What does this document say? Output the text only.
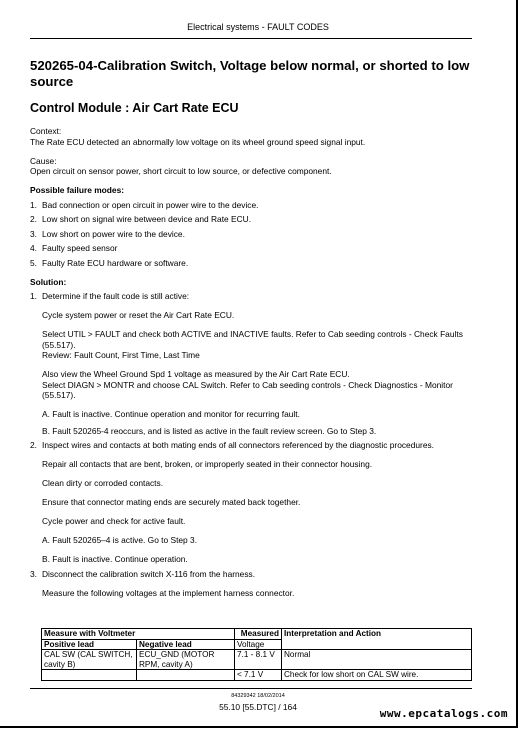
Electrical systems - FAULT CODES
520265-04-Calibration Switch, Voltage below normal, or shorted to low source
Control Module : Air Cart Rate ECU

Context:

The Rate ECU detected an abnormally low voltage on its wheel ground speed signal input.

Cause:

Open circuit on sensor power, short circuit to low source, or defective component.

Possible failure modes:

1. Bad connection or open circuit in power wire to the device.
2. Low short on signal wire between device and Rate ECU.
3. Low short on power wire to the device.
4. Faulty speed sensor
5. Faulty Rate ECU hardware or software.

Solution:

1. Determine if the fault code is still active:

Cycle system power or reset the Air Cart Rate ECU.

Select UTIL > FAULT and check both ACTIVE and INACTIVE faults. Refer to Cab seeding controls - Check Faults (55.517).

Review: Fault Count, First Time, Last Time

Also view the Wheel Ground Spd 1 voltage as measured by the Air Cart Rate ECU.

Select DIAGN > MONTR and choose CAL Switch. Refer to Cab seeding controls - Check Diagnostics - Monitor (55.517).

A. Fault is inactive. Continue operation and monitor for recurring fault.

B. Fault 520265-4 reoccurs, and is listed as active in the fault review screen. Go to Step 3.

2. Inspect wires and contacts at both mating ends of all connectors referenced by the diagnostic procedures.

Repair all contacts that are bent, broken, or improperly seated in their connector housing.

Clean dirty or corroded contacts.

Ensure that connector mating ends are securely mated back together.

Cycle power and check for active fault.

A. Fault 520265–4 is active. Go to Step 3.

B. Fault is inactive. Continue operation.

3. Disconnect the calibration switch X-116 from the harness.

Measure the following voltages at the implement harness connector.

Measure with Voltmeter		Measured	Interpretation and Action
Positive lead	Negative lead	Voltage	
CAL SW (CAL SWITCH, cavity B)	ECU_GND (MOTOR RPM, cavity A)	7.1 - 8.1 V	Normal
		< 7.1 V	Check for low short on CAL SW wire.
84329342 18/02/2014
55.10 [55.DTC] / 164	www.epcatalogs.com
